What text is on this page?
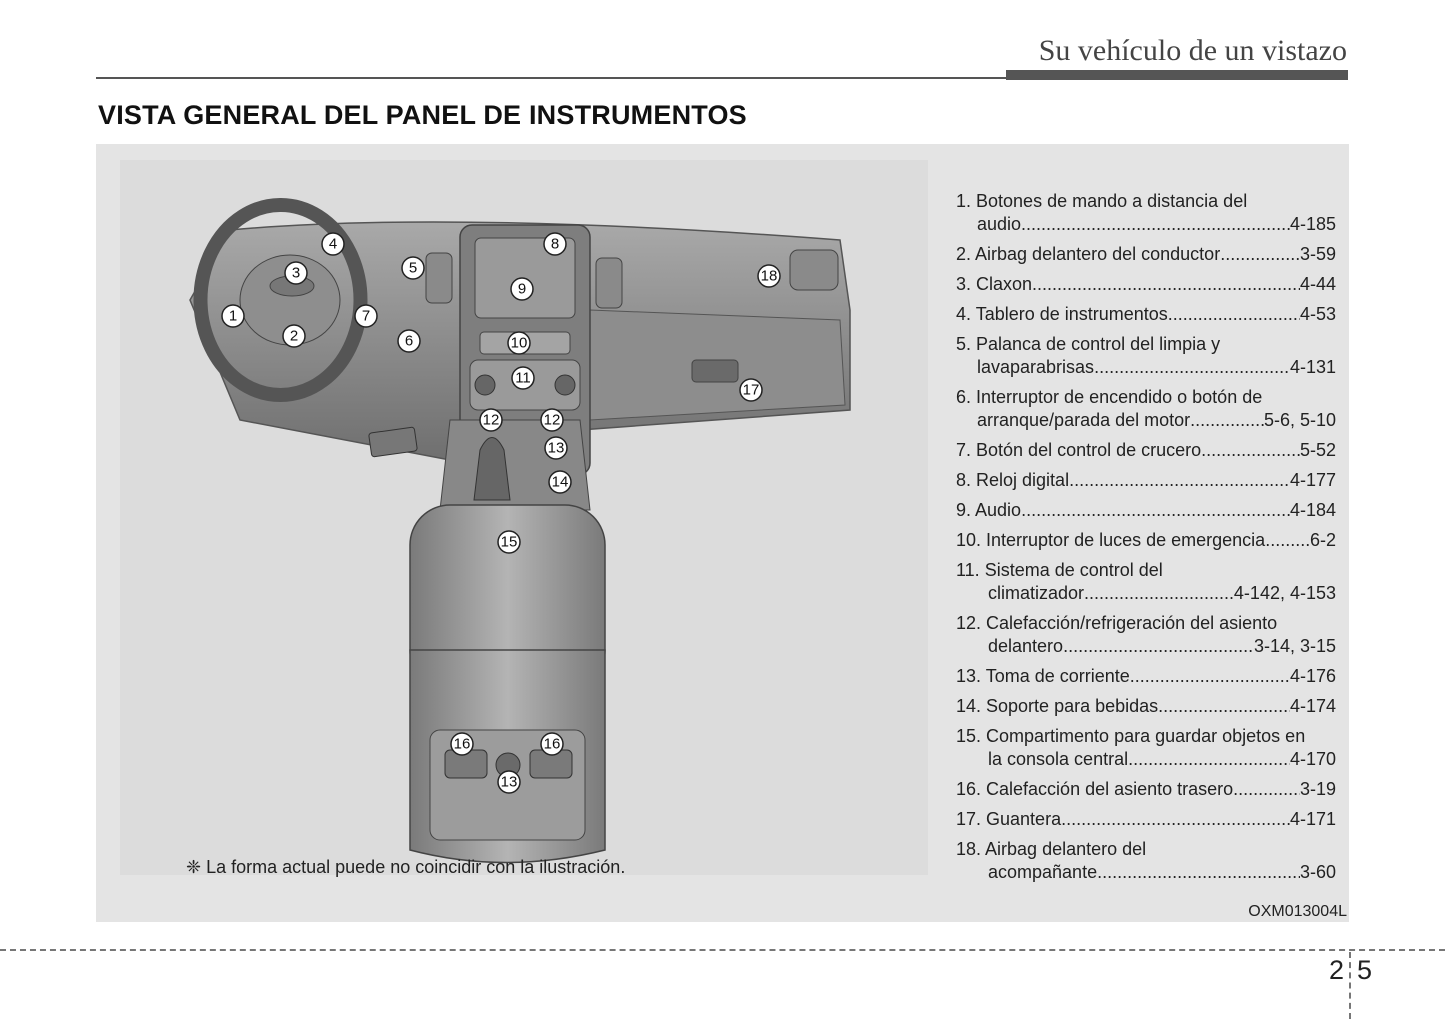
Su vehículo de un vistazo
VISTA GENERAL DEL PANEL DE INSTRUMENTOS
1
2
3
4
5
6
7
8
9
10
11
12	12
13
14
15
16	16
13
17
18
❈ La forma actual puede no coincidir con la ilustración.
1. Botones de mando a distancia del
audio .....	4-185
2. Airbag delantero del conductor .....	3-59
3. Claxon .....	4-44
4. Tablero de instrumentos .....	4-53
5. Palanca de control del limpia y
lavaparabrisas .....	4-131
6. Interruptor de encendido o botón de
arranque/parada del motor .....	5-6, 5-10
7. Botón del control de crucero .....	5-52
8. Reloj digital .....	4-177
9. Audio .....	4-184
10. Interruptor de luces de emergencia ..... 6-2
11. Sistema de control del
climatizador .....	4-142, 4-153
12. Calefacción/refrigeración del asiento
delantero .....	3-14, 3-15
13. Toma de corriente .....	4-176
14. Soporte para bebidas .....	4-174
15. Compartimento para guardar objetos en
la consola central .....	4-170
16. Calefacción del asiento trasero .....	3-19
17. Guantera .....	4-171
18. Airbag delantero del
acompañante .....	3-60
OXM013004L
2 5
